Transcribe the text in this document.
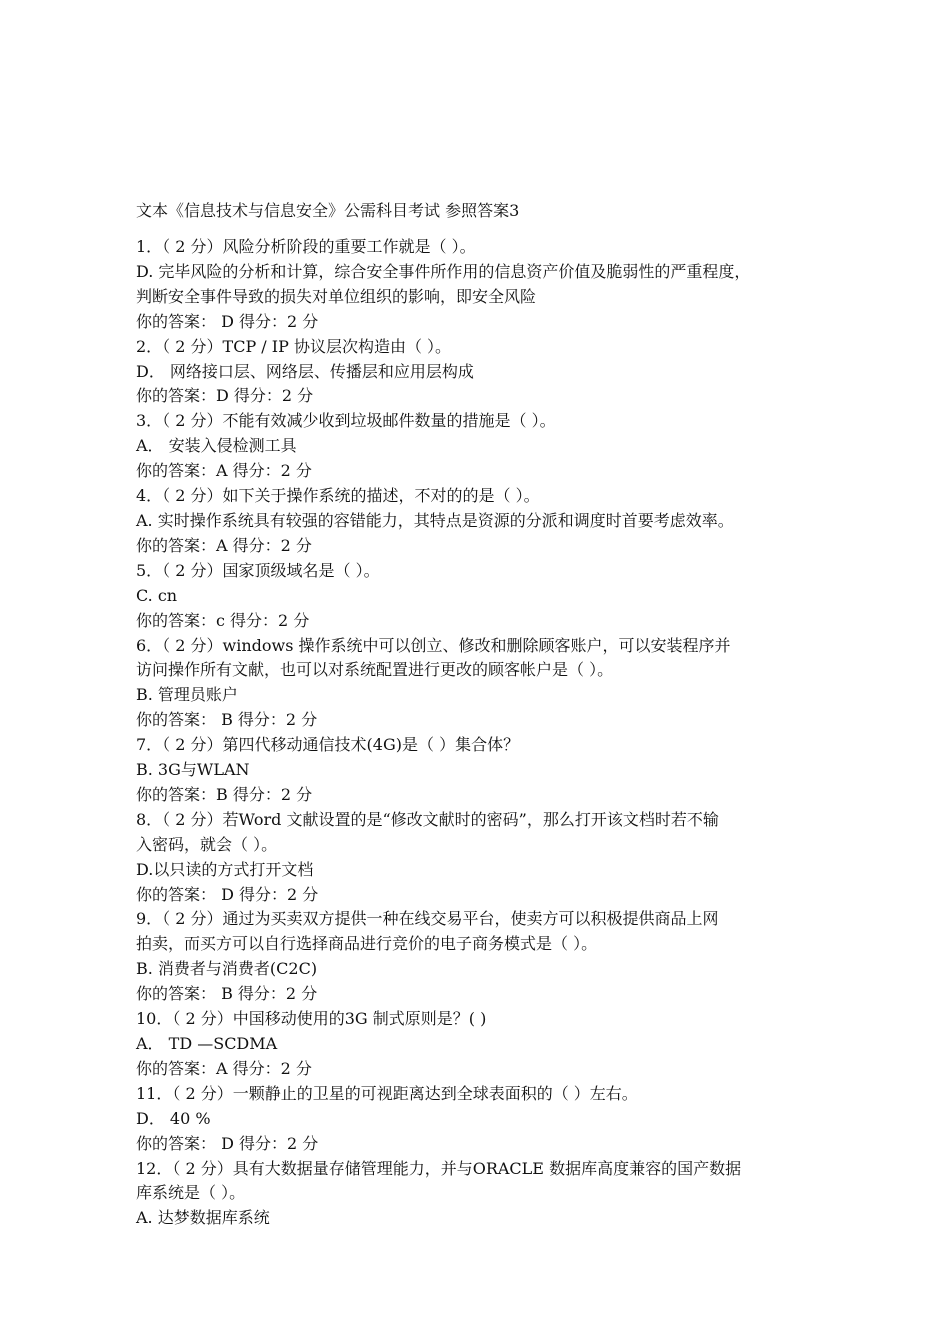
文本《信息技术与信息安全》公需科目考试 参照答案3

1．（ 2 分）风险分析阶段的重要工作就是（ ）。

D. 完毕风险的分析和计算，综合安全事件所作用的信息资产价值及脆弱性的严重程度，

判断安全事件导致的损失对单位组织的影响，即安全风险

你的答案： D 得分：2 分

2．（ 2 分）TCP / IP 协议层次构造由（ ）。

D． 网络接口层、网络层、传播层和应用层构成

你的答案：D 得分：2 分

3．（ 2 分）不能有效减少收到垃圾邮件数量的措施是（ ）。

A． 安装入侵检测工具

你的答案：A 得分：2 分

4．（ 2 分）如下关于操作系统的描述，不对的的是（ ）。

A. 实时操作系统具有较强的容错能力，其特点是资源的分派和调度时首要考虑效率。

你的答案：A 得分：2 分

5．（ 2 分）国家顶级域名是（ ）。

C. cn

你的答案：c 得分：2 分

6．（ 2 分）windows 操作系统中可以创立、修改和删除顾客账户，可以安装程序并

访问操作所有文献，也可以对系统配置进行更改的顾客帐户是（ ）。

B. 管理员账户

你的答案： B 得分：2 分

7．（ 2 分）第四代移动通信技术(4G)是（ ）集合体？

B. 3G与WLAN

你的答案：B 得分：2 分

8．（ 2 分）若Word 文献设置的是“修改文献时的密码”，那么打开该文档时若不输

入密码，就会（ ）。

D.以只读的方式打开文档

你的答案： D 得分：2 分

9．（ 2 分）通过为买卖双方提供一种在线交易平台，使卖方可以积极提供商品上网

拍卖，而买方可以自行选择商品进行竞价的电子商务模式是（ ）。

B. 消费者与消费者(C2C)

你的答案： B 得分：2 分

10．（ 2 分）中国移动使用的3G 制式原则是？( )

A． TD —SCDMA

你的答案：A 得分：2 分

11．（ 2 分）一颗静止的卫星的可视距离达到全球表面积的（ ）左右。

D． 40 %

你的答案： D 得分：2 分

12．（ 2 分）具有大数据量存储管理能力，并与ORACLE 数据库高度兼容的国产数据

库系统是（ ）。

A. 达梦数据库系统
